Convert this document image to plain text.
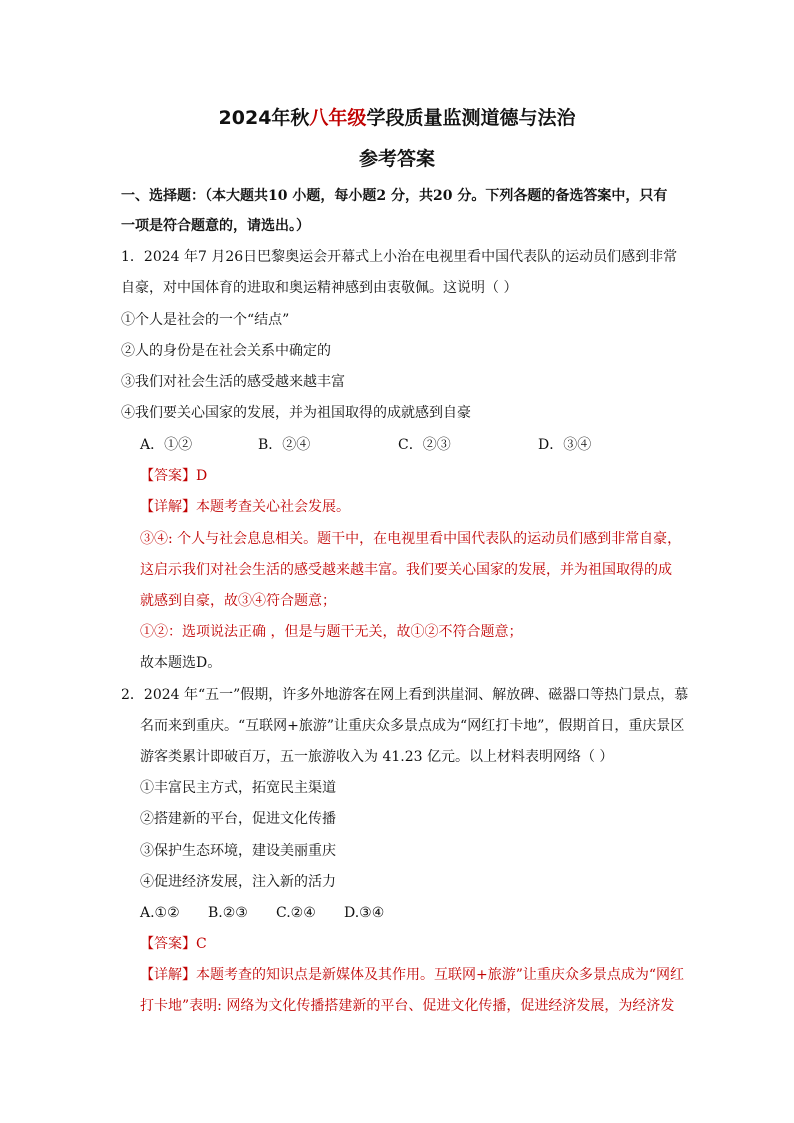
2024年秋八年级学段质量监测道德与法治
参考答案
一、选择题：（本大题共10 小题，每小题2 分，共20 分。下列各题的备选答案中，只有
一项是符合题意的，请选出。）
1．2024 年7 月26日巴黎奥运会开幕式上小治在电视里看中国代表队的运动员们感到非常
自豪，对中国体育的进取和奥运精神感到由衷敬佩。这说明（ ）
①个人是社会的一个“结点”
②人的身份是在社会关系中确定的
③我们对社会生活的感受越来越丰富
④我们要关心国家的发展，并为祖国取得的成就感到自豪
A．①②	B．②④	C．②③	D．③④
【答案】D
【详解】本题考查关心社会发展。
③④: 个人与社会息息相关。题干中，在电视里看中国代表队的运动员们感到非常自豪，
这启示我们对社会生活的感受越来越丰富。我们要关心国家的发展，并为祖国取得的成
就感到自豪，故③④符合题意；
①②：选项说法正确 ，但是与题干无关，故①②不符合题意；
故本题选D。
2．2024 年“五一”假期，许多外地游客在网上看到洪崖洞、解放碑、磁器口等热门景点，慕
名而来到重庆。“互联网+旅游”让重庆众多景点成为“网红打卡地”，假期首日，重庆景区
游客类累计即破百万，五一旅游收入为 41.23 亿元。以上材料表明网络（ ）
①丰富民主方式，拓宽民主渠道
②搭建新的平台，促进文化传播
③保护生态环境，建设美丽重庆
④促进经济发展，注入新的活力
A.①②	B.②③	C.②④	D.③④
【答案】C
【详解】本题考查的知识点是新媒体及其作用。互联网+旅游”让重庆众多景点成为“网红
打卡地”表明: 网络为文化传播搭建新的平台、促进文化传播，促进经济发展，为经济发
